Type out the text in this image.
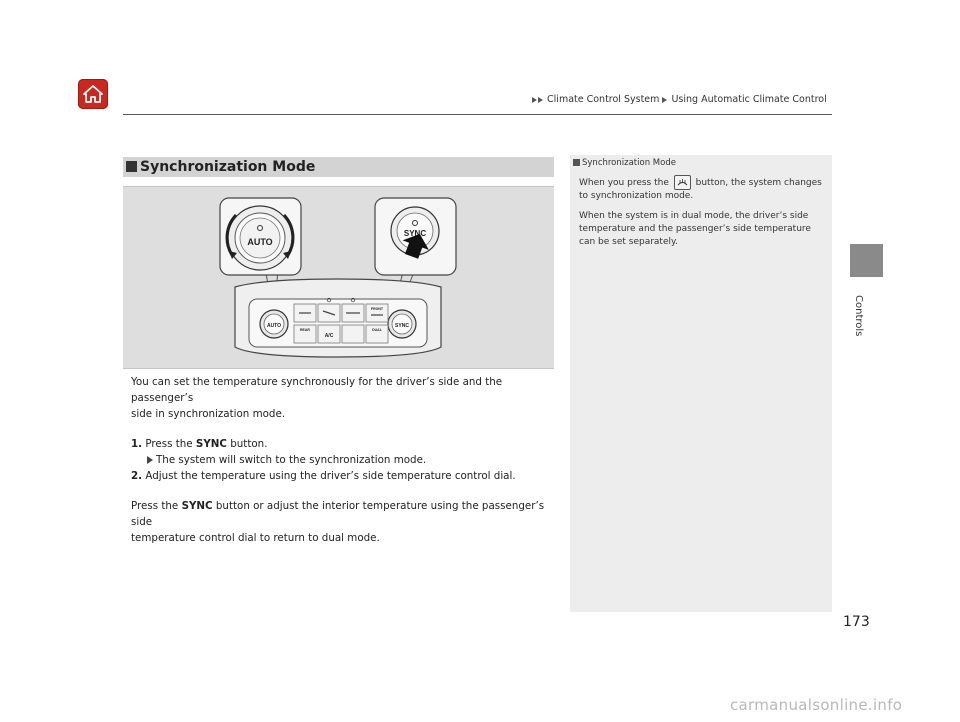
Climate Control System Using Automatic Climate Control
Controls
Synchronization Mode
AUTO
SYNC
AUTO	SYNC
A/C
FRONT
REAR	DUAL

You can set the temperature synchronously for the driver’s side and the passenger’s

side in synchronization mode.

1. Press the SYNC button.

The system will switch to the synchronization mode.

2. Adjust the temperature using the driver’s side temperature control dial.

Press the SYNC button or adjust the interior temperature using the passenger’s side

temperature control dial to return to dual mode.

Synchronization Mode

When you press the	button, the system changes

to synchronization mode.

When the system is in dual mode, the driver’s side

temperature and the passenger’s side temperature

can be set separately.

173
carmanualsonline.info
